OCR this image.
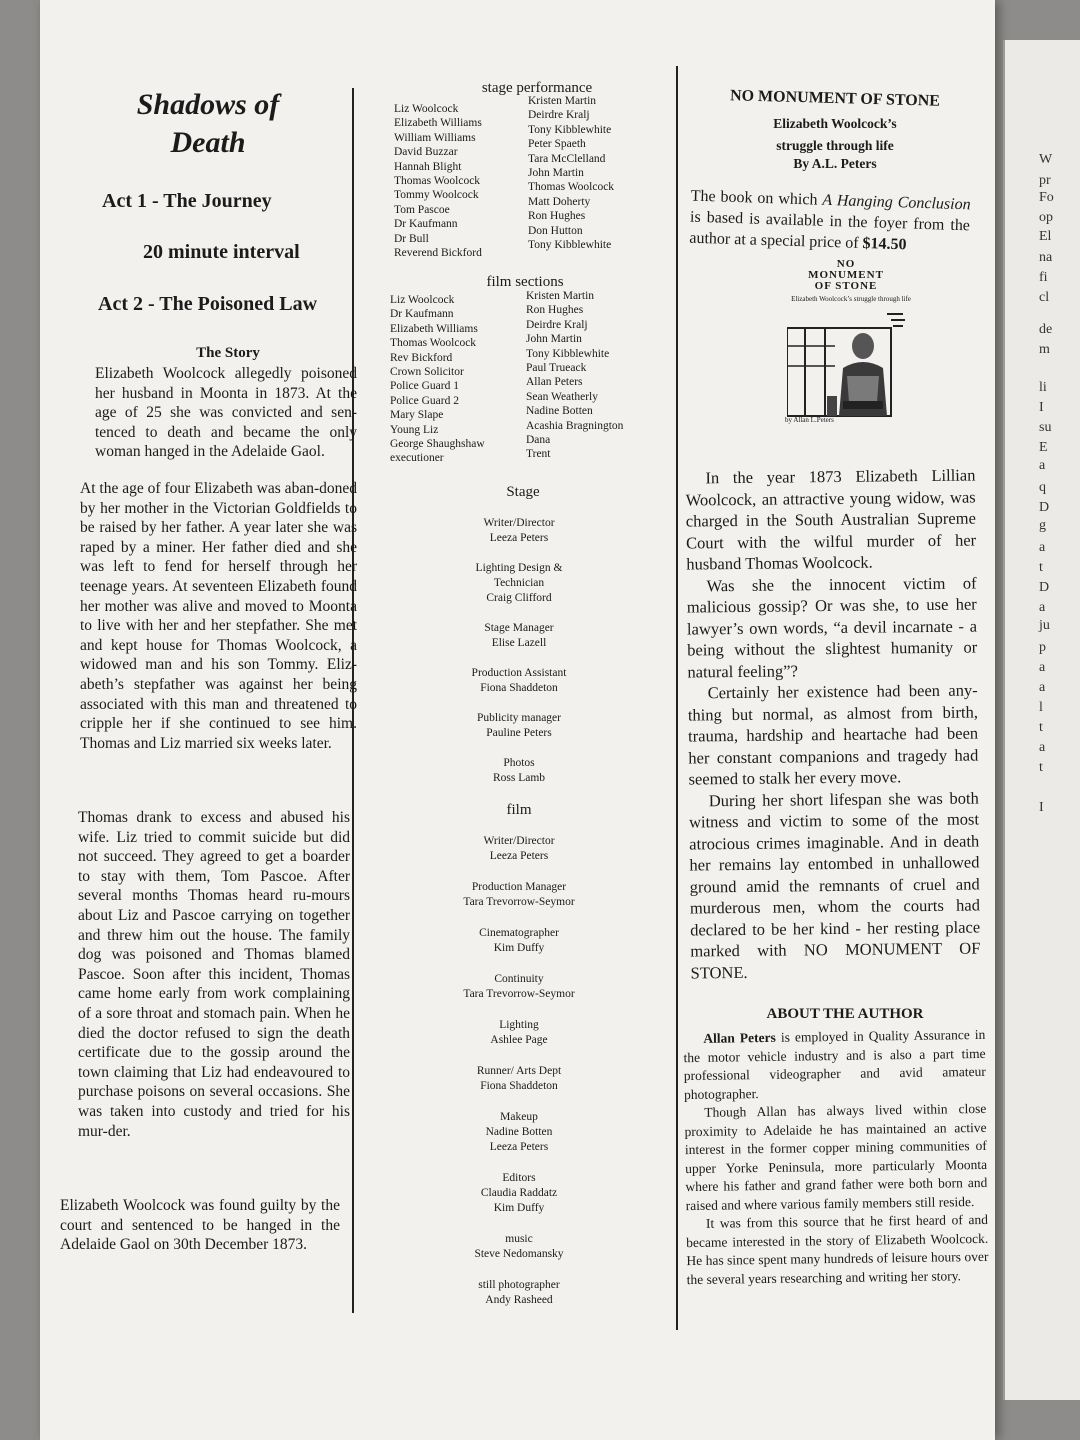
W
pr
Fo
op
El
na
fi
cl
de
m
li
I
su
E
a
q
D
g
a
t
D
a
ju
p
a
a
l
t
a
t
I
Shadows of
Death
Act 1 - The Journey
20 minute interval
Act 2 - The Poisoned Law
The Story

Elizabeth Woolcock allegedly poisoned her husband in Moonta in 1873. At the age of 25 she was convicted and sen-tenced to death and became the only woman hanged in the Adelaide Gaol.

At the age of four Elizabeth was aban-doned by her mother in the Victorian Goldfields to be raised by her father. A year later she was raped by a miner. Her father died and she was left to fend for herself through her teenage years. At seventeen Elizabeth found her mother was alive and moved to Moonta to live with her and her stepfather. She met and kept house for Thomas Woolcock, a widowed man and his son Tommy. Eliz-abeth’s stepfather was against her being associated with this man and threatened to cripple her if she continued to see him. Thomas and Liz married six weeks later.

Thomas drank to excess and abused his wife. Liz tried to commit suicide but did not succeed. They agreed to get a boarder to stay with them, Tom Pascoe. After several months Thomas heard ru-mours about Liz and Pascoe carrying on together and threw him out the house. The family dog was poisoned and Thomas blamed Pascoe. Soon after this incident, Thomas came home early from work complaining of a sore throat and stomach pain. When he died the doctor refused to sign the death certificate due to the gossip around the town claiming that Liz had endeavoured to purchase poisons on several occasions. She was taken into custody and tried for his mur-der.

Elizabeth Woolcock was found guilty by the court and sentenced to be hanged in the Adelaide Gaol on 30th December 1873.

stage performance
Liz Woolcock
Elizabeth Williams
William Williams
David Buzzar
Hannah Blight
Thomas Woolcock
Tommy Woolcock
Tom Pascoe
Dr Kaufmann
Dr Bull
Reverend Bickford
Kristen Martin
Deirdre Kralj
Tony Kibblewhite
Peter Spaeth
Tara McClelland
John Martin
Thomas Woolcock
Matt Doherty
Ron Hughes
Don Hutton
Tony Kibblewhite
film sections
Liz Woolcock
Dr Kaufmann
Elizabeth Williams
Thomas Woolcock
Rev Bickford
Crown Solicitor
Police Guard 1
Police Guard 2
Mary Slape
Young Liz
George Shaughshaw
executioner
Kristen Martin
Ron Hughes
Deirdre Kralj
John Martin
Tony Kibblewhite
Paul Trueack
Allan Peters
Sean Weatherly
Nadine Botten
Acashia Bragnington
Dana
Trent
Stage
Writer/Director
Leeza Peters
Lighting Design &
Technician
Craig Clifford
Stage Manager
Elise Lazell
Production Assistant
Fiona Shaddeton
Publicity manager
Pauline Peters
Photos
Ross Lamb
film
Writer/Director
Leeza Peters
Production Manager
Tara Trevorrow-Seymor
Cinematographer
Kim Duffy
Continuity
Tara Trevorrow-Seymor
Lighting
Ashlee Page
Runner/ Arts Dept
Fiona Shaddeton
Makeup
Nadine Botten
Leeza Peters
Editors
Claudia Raddatz
Kim Duffy
music
Steve Nedomansky
still photographer
Andy Rasheed
NO MONUMENT OF STONE
Elizabeth Woolcock’s
struggle through life
By A.L. Peters
The book on which A Hanging Conclusion is based is available in the foyer from the author at a special price of $14.50
NO
MONUMENT
OF STONE
Elizabeth Woolcock’s struggle through life
by Allan L.Peters
In the year 1873 Elizabeth Lillian Woolcock, an attractive young widow, was charged in the South Australian Supreme Court with the wilful murder of her husband Thomas Woolcock.
Was she the innocent victim of malicious gossip? Or was she, to use her lawyer’s own words, “a devil incarnate - a being without the slightest humanity or natural feeling”?
Certainly her existence had been any-thing but normal, as almost from birth, trauma, hardship and heartache had been her constant companions and tragedy had seemed to stalk her every move.
During her short lifespan she was both witness and victim to some of the most atrocious crimes imaginable. And in death her remains lay entombed in unhallowed ground amid the remnants of cruel and murderous men, whom the courts had declared to be her kind - her resting place marked with NO MONUMENT OF STONE.
ABOUT THE AUTHOR
Allan Peters is employed in Quality Assurance in the motor vehicle industry and is also a part time professional videographer and avid amateur photographer.
Though Allan has always lived within close proximity to Adelaide he has maintained an active interest in the former copper mining communities of upper Yorke Peninsula, more particularly Moonta where his father and grand father were both born and raised and where various family members still reside.
It was from this source that he first heard of and became interested in the story of Elizabeth Woolcock. He has since spent many hundreds of leisure hours over the several years researching and writing her story.
